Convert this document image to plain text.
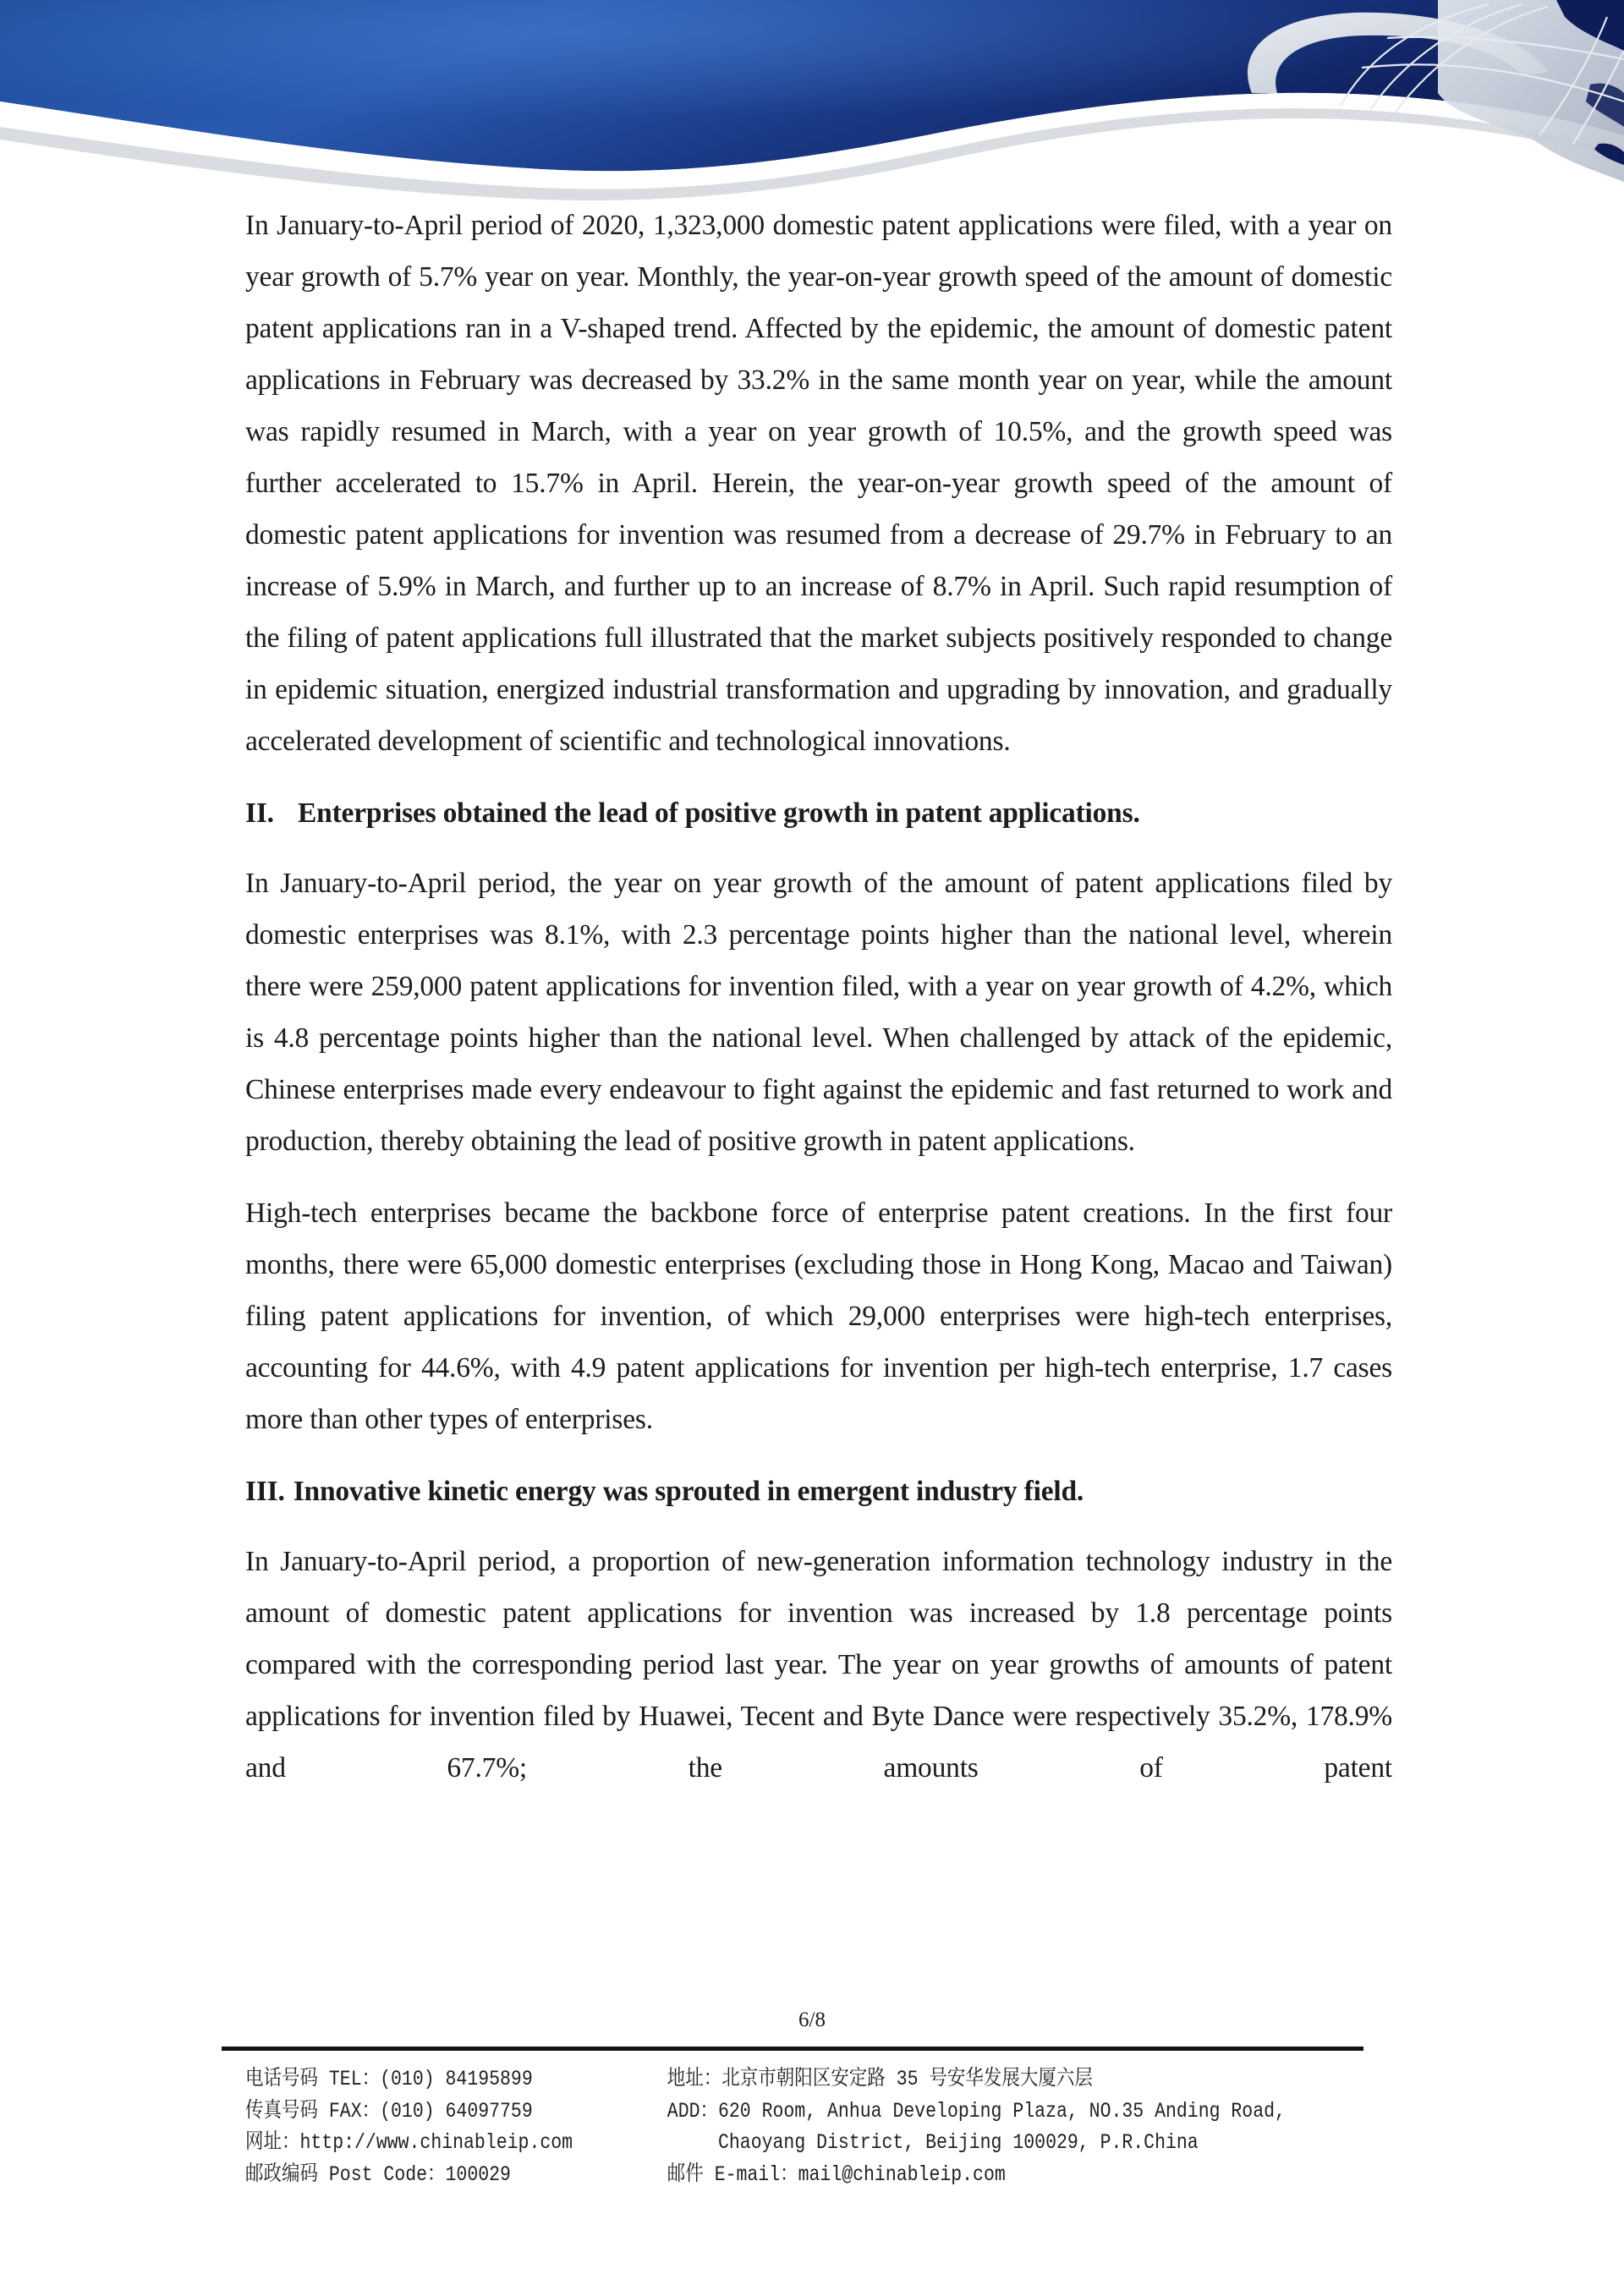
In January-to-April period of 2020, 1,323,000 domestic patent applications were filed, with a year on year growth of 5.7% year on year. Monthly, the year-on-year growth speed of the amount of domestic patent applications ran in a V-shaped trend. Affected by the epidemic, the amount of domestic patent applications in February was decreased by 33.2% in the same month year on year, while the amount was rapidly resumed in March, with a year on year growth of 10.5%, and the growth speed was further accelerated to 15.7% in April. Herein, the year-on-year growth speed of the amount of domestic patent applications for invention was resumed from a decrease of 29.7% in February to an increase of 5.9% in March, and further up to an increase of 8.7% in April. Such rapid resumption of the filing of patent applications full illustrated that the market subjects positively responded to change in epidemic situation, energized industrial transformation and upgrading by innovation, and gradually accelerated development of scientific and technological innovations.

II. Enterprises obtained the lead of positive growth in patent applications.

In January-to-April period, the year on year growth of the amount of patent applications filed by domestic enterprises was 8.1%, with 2.3 percentage points higher than the national level, wherein there were 259,000 patent applications for invention filed, with a year on year growth of 4.2%, which is 4.8 percentage points higher than the national level. When challenged by attack of the epidemic, Chinese enterprises made every endeavour to fight against the epidemic and fast returned to work and production, thereby obtaining the lead of positive growth in patent applications.

High-tech enterprises became the backbone force of enterprise patent creations. In the first four months, there were 65,000 domestic enterprises (excluding those in Hong Kong, Macao and Taiwan) filing patent applications for invention, of which 29,000 enterprises were high-tech enterprises, accounting for 44.6%, with 4.9 patent applications for invention per high-tech enterprise, 1.7 cases more than other types of enterprises.

III. Innovative kinetic energy was sprouted in emergent industry field.

In January-to-April period, a proportion of new-generation information technology industry in the amount of domestic patent applications for invention was increased by 1.8 percentage points compared with the corresponding period last year. The year on year growths of amounts of patent applications for invention filed by Huawei, Tecent and Byte Dance were respectively 35.2%, 178.9% and 67.7%; the amounts of patent

6/8
电话号码 TEL：(010) 84195899
传真号码 FAX：(010) 64097759
网址：http://www.chinableip.com
邮政编码 Post Code：100029
地址：北京市朝阳区安定路 35 号安华发展大厦六层
ADD：620 Room, Anhua Developing Plaza, NO.35 Anding Road,
Chaoyang District, Beijing 100029, P.R.China
邮件 E-mail：mail@chinableip.com
